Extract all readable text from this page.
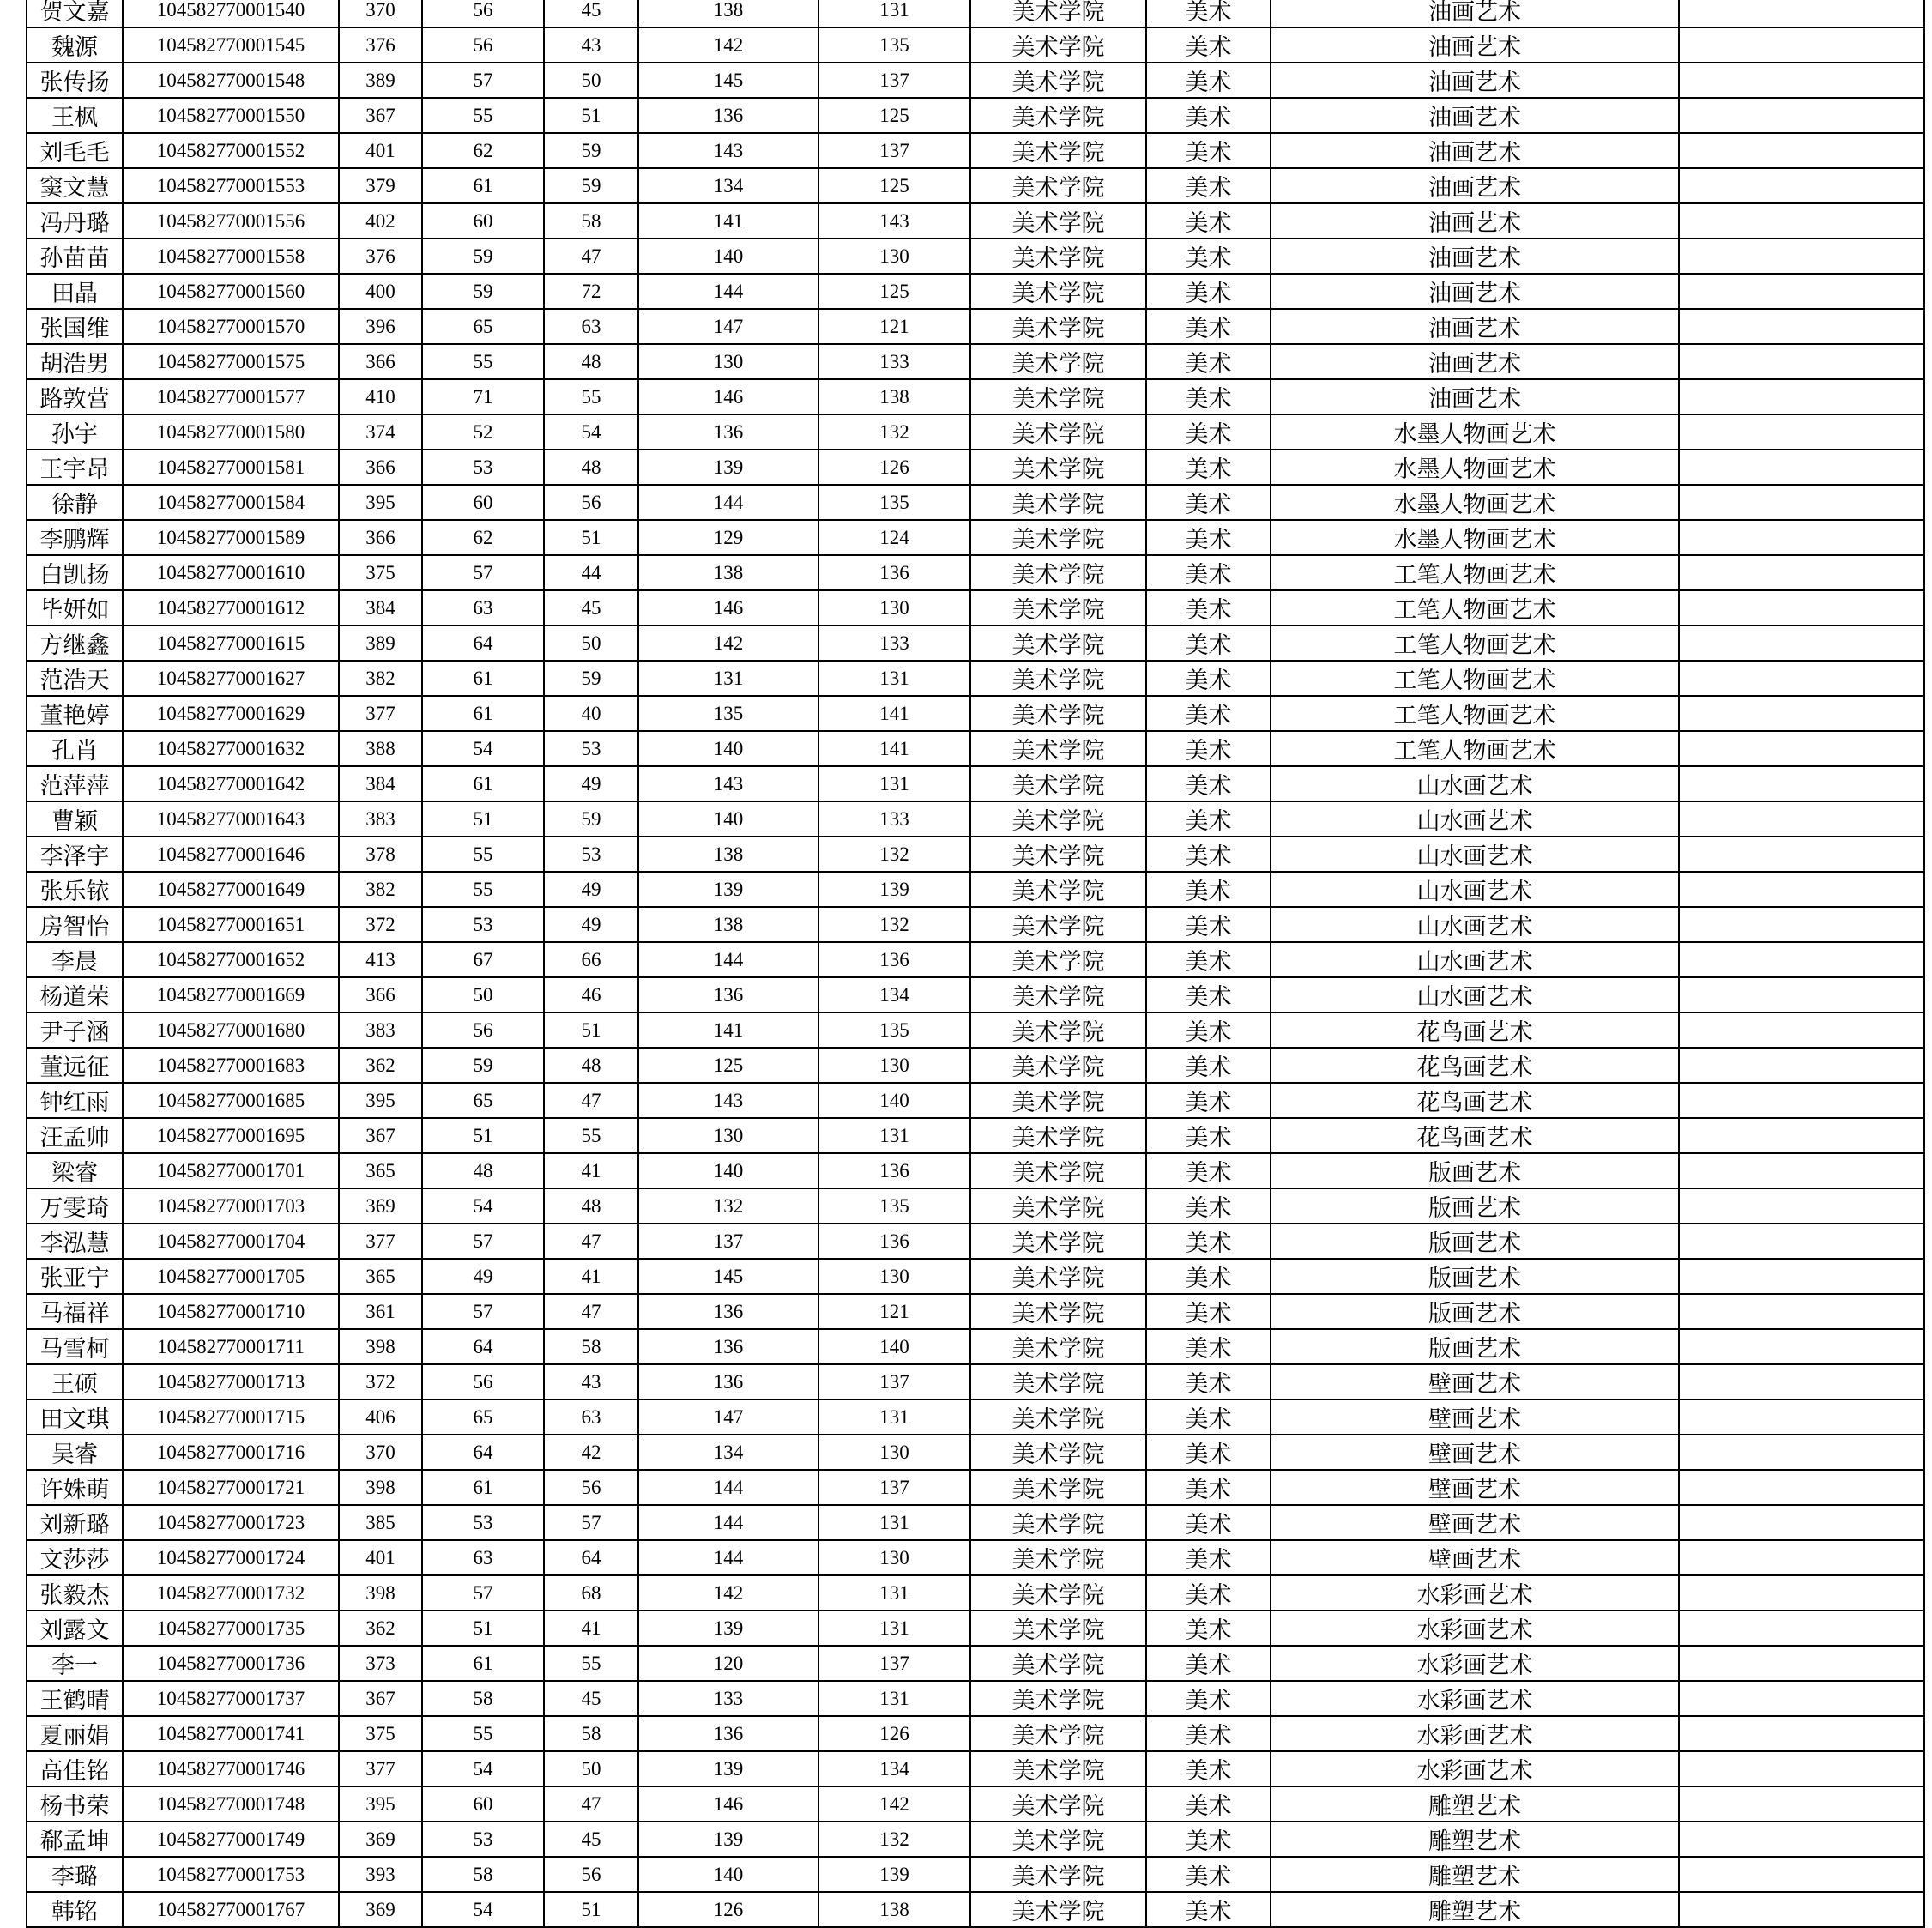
贺文嘉	104582770001540	370	56	45	138	131	美术学院	美术	油画艺术	
魏源	104582770001545	376	56	43	142	135	美术学院	美术	油画艺术	
张传扬	104582770001548	389	57	50	145	137	美术学院	美术	油画艺术	
王枫	104582770001550	367	55	51	136	125	美术学院	美术	油画艺术	
刘毛毛	104582770001552	401	62	59	143	137	美术学院	美术	油画艺术	
窦文慧	104582770001553	379	61	59	134	125	美术学院	美术	油画艺术	
冯丹璐	104582770001556	402	60	58	141	143	美术学院	美术	油画艺术	
孙苗苗	104582770001558	376	59	47	140	130	美术学院	美术	油画艺术	
田晶	104582770001560	400	59	72	144	125	美术学院	美术	油画艺术	
张国维	104582770001570	396	65	63	147	121	美术学院	美术	油画艺术	
胡浩男	104582770001575	366	55	48	130	133	美术学院	美术	油画艺术	
路敦营	104582770001577	410	71	55	146	138	美术学院	美术	油画艺术	
孙宇	104582770001580	374	52	54	136	132	美术学院	美术	水墨人物画艺术	
王宇昂	104582770001581	366	53	48	139	126	美术学院	美术	水墨人物画艺术	
徐静	104582770001584	395	60	56	144	135	美术学院	美术	水墨人物画艺术	
李鹏辉	104582770001589	366	62	51	129	124	美术学院	美术	水墨人物画艺术	
白凯扬	104582770001610	375	57	44	138	136	美术学院	美术	工笔人物画艺术	
毕妍如	104582770001612	384	63	45	146	130	美术学院	美术	工笔人物画艺术	
方继鑫	104582770001615	389	64	50	142	133	美术学院	美术	工笔人物画艺术	
范浩天	104582770001627	382	61	59	131	131	美术学院	美术	工笔人物画艺术	
董艳婷	104582770001629	377	61	40	135	141	美术学院	美术	工笔人物画艺术	
孔肖	104582770001632	388	54	53	140	141	美术学院	美术	工笔人物画艺术	
范萍萍	104582770001642	384	61	49	143	131	美术学院	美术	山水画艺术	
曹颖	104582770001643	383	51	59	140	133	美术学院	美术	山水画艺术	
李泽宇	104582770001646	378	55	53	138	132	美术学院	美术	山水画艺术	
张乐铱	104582770001649	382	55	49	139	139	美术学院	美术	山水画艺术	
房智怡	104582770001651	372	53	49	138	132	美术学院	美术	山水画艺术	
李晨	104582770001652	413	67	66	144	136	美术学院	美术	山水画艺术	
杨道荣	104582770001669	366	50	46	136	134	美术学院	美术	山水画艺术	
尹子涵	104582770001680	383	56	51	141	135	美术学院	美术	花鸟画艺术	
董远征	104582770001683	362	59	48	125	130	美术学院	美术	花鸟画艺术	
钟红雨	104582770001685	395	65	47	143	140	美术学院	美术	花鸟画艺术	
汪孟帅	104582770001695	367	51	55	130	131	美术学院	美术	花鸟画艺术	
梁睿	104582770001701	365	48	41	140	136	美术学院	美术	版画艺术	
万雯琦	104582770001703	369	54	48	132	135	美术学院	美术	版画艺术	
李泓慧	104582770001704	377	57	47	137	136	美术学院	美术	版画艺术	
张亚宁	104582770001705	365	49	41	145	130	美术学院	美术	版画艺术	
马福祥	104582770001710	361	57	47	136	121	美术学院	美术	版画艺术	
马雪柯	104582770001711	398	64	58	136	140	美术学院	美术	版画艺术	
王硕	104582770001713	372	56	43	136	137	美术学院	美术	壁画艺术	
田文琪	104582770001715	406	65	63	147	131	美术学院	美术	壁画艺术	
吴睿	104582770001716	370	64	42	134	130	美术学院	美术	壁画艺术	
许姝萌	104582770001721	398	61	56	144	137	美术学院	美术	壁画艺术	
刘新璐	104582770001723	385	53	57	144	131	美术学院	美术	壁画艺术	
文莎莎	104582770001724	401	63	64	144	130	美术学院	美术	壁画艺术	
张毅杰	104582770001732	398	57	68	142	131	美术学院	美术	水彩画艺术	
刘露文	104582770001735	362	51	41	139	131	美术学院	美术	水彩画艺术	
李一	104582770001736	373	61	55	120	137	美术学院	美术	水彩画艺术	
王鹤晴	104582770001737	367	58	45	133	131	美术学院	美术	水彩画艺术	
夏丽娟	104582770001741	375	55	58	136	126	美术学院	美术	水彩画艺术	
高佳铭	104582770001746	377	54	50	139	134	美术学院	美术	水彩画艺术	
杨书荣	104582770001748	395	60	47	146	142	美术学院	美术	雕塑艺术	
郗孟坤	104582770001749	369	53	45	139	132	美术学院	美术	雕塑艺术	
李璐	104582770001753	393	58	56	140	139	美术学院	美术	雕塑艺术	
韩铭	104582770001767	369	54	51	126	138	美术学院	美术	雕塑艺术	
